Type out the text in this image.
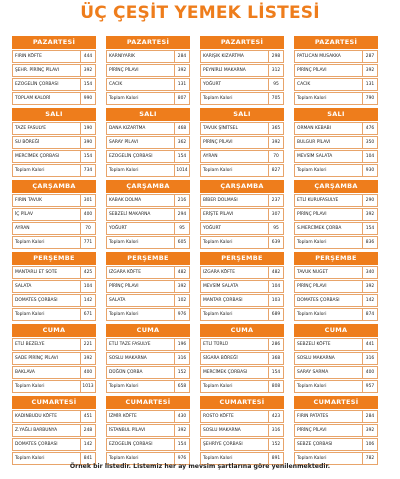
ÜÇ ÇEŞİT YEMEK LİSTESİ
PAZARTESİ
FIRIN KÖFTE	444
ŞEHR. PİRİNÇ PİLAVI	392
EZOGELİN ÇORBASI	154
TOPLAM KALORİ	990
PAZARTESİ
KARNIYARIK	284
PİRİNÇ PİLAVI	392
CACIK	131
Toplam Kalori	807
PAZARTESİ
KARIŞIK KIZARTMA	298
PEYNİRLİ MAKARNA	312
YOĞURT	95
Toplam Kalori	705
PAZARTESİ
PATLICAN MUSAKKA	287
PİRİNÇ PİLAVI	392
CACIK	131
Toplam Kalori	790
SALI
TAZE FASULYE	190
SU BÖREĞİ	390
MERCİMEK ÇORBASI	154
Toplam Kalori	734
SALI
DANA KIZARTMA	468
SARAY PİLAVI	362
EZOGELİN ÇORBASI	154
Toplam Kalori	1014
SALI
TAVUK ŞİNİTSEL	365
PİRİNÇ PİLAVI	392
AYRAN	70
Toplam Kalori	827
SALI
ORMAN KEBABI	476
BULGUR PİLAVI	350
MEVSİM SALATA	104
Toplam Kalori	930
ÇARŞAMBA
FIRIN TAVUK	301
İÇ PİLAV	400
AYRAN	70
Toplam Kalori	771
ÇARŞAMBA
KABAK DOLMA	216
SEBZELİ MAKARNA	294
YOĞURT	95
Toplam Kalori	605
ÇARŞAMBA
BİBER DOLMASI	237
ERİŞTE PİLAVI	307
YOĞURT	95
Toplam Kalori	639
ÇARŞAMBA
ETLİ KURUFASULYE	290
PİRİNÇ PİLAVI	392
S.MERCİMEK ÇORBA	154
Toplam Kalori	836
PERŞEMBE
MANTARLI ET SOTE	425
SALATA	104
DOMATES ÇORBASI	142
Toplam Kalori	671
PERŞEMBE
IZGARA KÖFTE	482
PİRİNÇ PİLAVI	392
SALATA	102
Toplam Kalori	976
PERŞEMBE
IZGARA KÖFTE	482
MEVSİM SALATA	104
MANTAR ÇORBASI	103
Toplam Kalori	689
PERŞEMBE
TAVUK NUGET	340
PİRİNÇ PİLAVI	392
DOMATES ÇORBASI	142
Toplam Kalori	874
CUMA
ETLİ BEZELYE	221
SADE PİRİNÇ PİLAVI	392
BAKLAVA	400
Toplam Kalori	1013
CUMA
ETLİ TAZE FASULYE	196
SOSLU MAKARNA	316
DÜĞÜN ÇORBA	152
Toplam Kalori	658
CUMA
ETLİ TÜRLÜ	286
SİGARA BÖREĞİ	368
MERCİMEK ÇORBASI	154
Toplam Kalori	808
CUMA
SEBZELİ KÖFTE	441
SOSLU MAKARNA	316
SARAY SARMA	400
Toplam Kalori	957
CUMARTESİ
KADINBUDU KÖFTE	451
Z.YAĞLI BARBUNYA	248
DOMATES ÇORBASI	142
Toplam Kalori	841
CUMARTESİ
İZMİR KÖFTE	430
İSTANBUL PİLAVI	392
EZOGELİN ÇORBASI	154
Toplam Kalori	976
CUMARTESİ
ROSTO KÖFTE	423
SOSLU MAKARNA	316
ŞEHRİYE ÇORBASI	152
Toplam Kalori	891
CUMARTESİ
FIRIN PATATES	284
PİRİNÇ PİLAVI	392
SEBZE ÇORBASI	106
Toplam Kalori	782
Örnek bir listedir. Listemiz her ay mevsim şartlarına göre yenilenmektedir.
